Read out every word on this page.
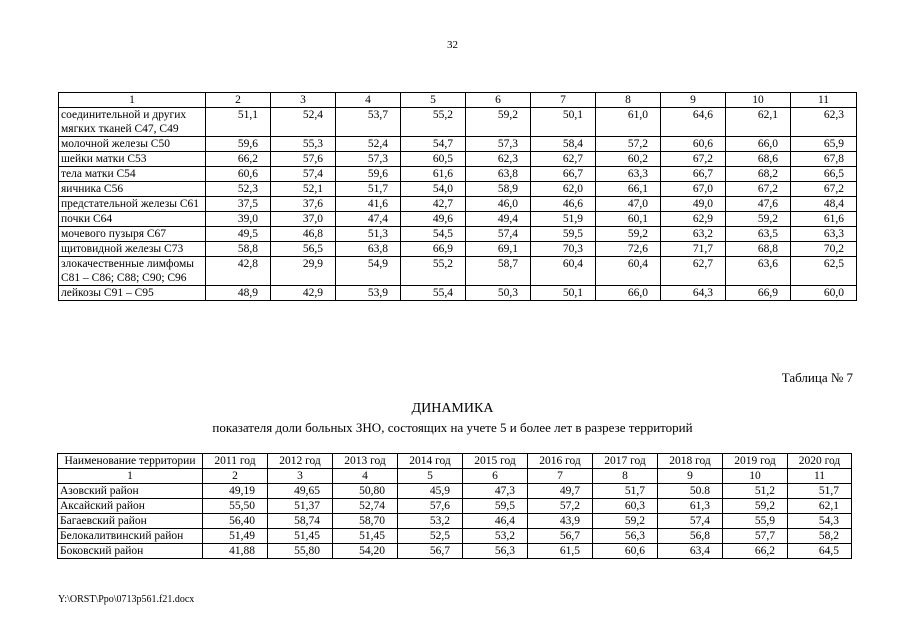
32
1	2	3	4	5	6	7	8	9	10	11
соединительной и других мягких тканей С47, С49	51,1	52,4	53,7	55,2	59,2	50,1	61,0	64,6	62,1	62,3
молочной железы С50	59,6	55,3	52,4	54,7	57,3	58,4	57,2	60,6	66,0	65,9
шейки матки С53	66,2	57,6	57,3	60,5	62,3	62,7	60,2	67,2	68,6	67,8
тела матки С54	60,6	57,4	59,6	61,6	63,8	66,7	63,3	66,7	68,2	66,5
яичника С56	52,3	52,1	51,7	54,0	58,9	62,0	66,1	67,0	67,2	67,2
предстательной железы С61	37,5	37,6	41,6	42,7	46,0	46,6	47,0	49,0	47,6	48,4
почки С64	39,0	37,0	47,4	49,6	49,4	51,9	60,1	62,9	59,2	61,6
мочевого пузыря С67	49,5	46,8	51,3	54,5	57,4	59,5	59,2	63,2	63,5	63,3
щитовидной железы С73	58,8	56,5	63,8	66,9	69,1	70,3	72,6	71,7	68,8	70,2
злокачественные лимфомы С81 – С86; С88; С90; С96	42,8	29,9	54,9	55,2	58,7	60,4	60,4	62,7	63,6	62,5
лейкозы С91 – С95	48,9	42,9	53,9	55,4	50,3	50,1	66,0	64,3	66,9	60,0
Таблица № 7
ДИНАМИКА
показателя доли больных ЗНО, состоящих на учете 5 и более лет в разрезе территорий
Наименование территории	2011 год	2012 год	2013 год	2014 год	2015 год	2016 год	2017 год	2018 год	2019 год	2020 год
1	2	3	4	5	6	7	8	9	10	11
Азовский район	49,19	49,65	50,80	45,9	47,3	49,7	51,7	50.8	51,2	51,7
Аксайский район	55,50	51,37	52,74	57,6	59,5	57,2	60,3	61,3	59,2	62,1
Багаевский район	56,40	58,74	58,70	53,2	46,4	43,9	59,2	57,4	55,9	54,3
Белокалитвинский район	51,49	51,45	51,45	52,5	53,2	56,7	56,3	56,8	57,7	58,2
Боковский район	41,88	55,80	54,20	56,7	56,3	61,5	60,6	63,4	66,2	64,5
Y:\ORST\Ppo\0713p561.f21.docx
